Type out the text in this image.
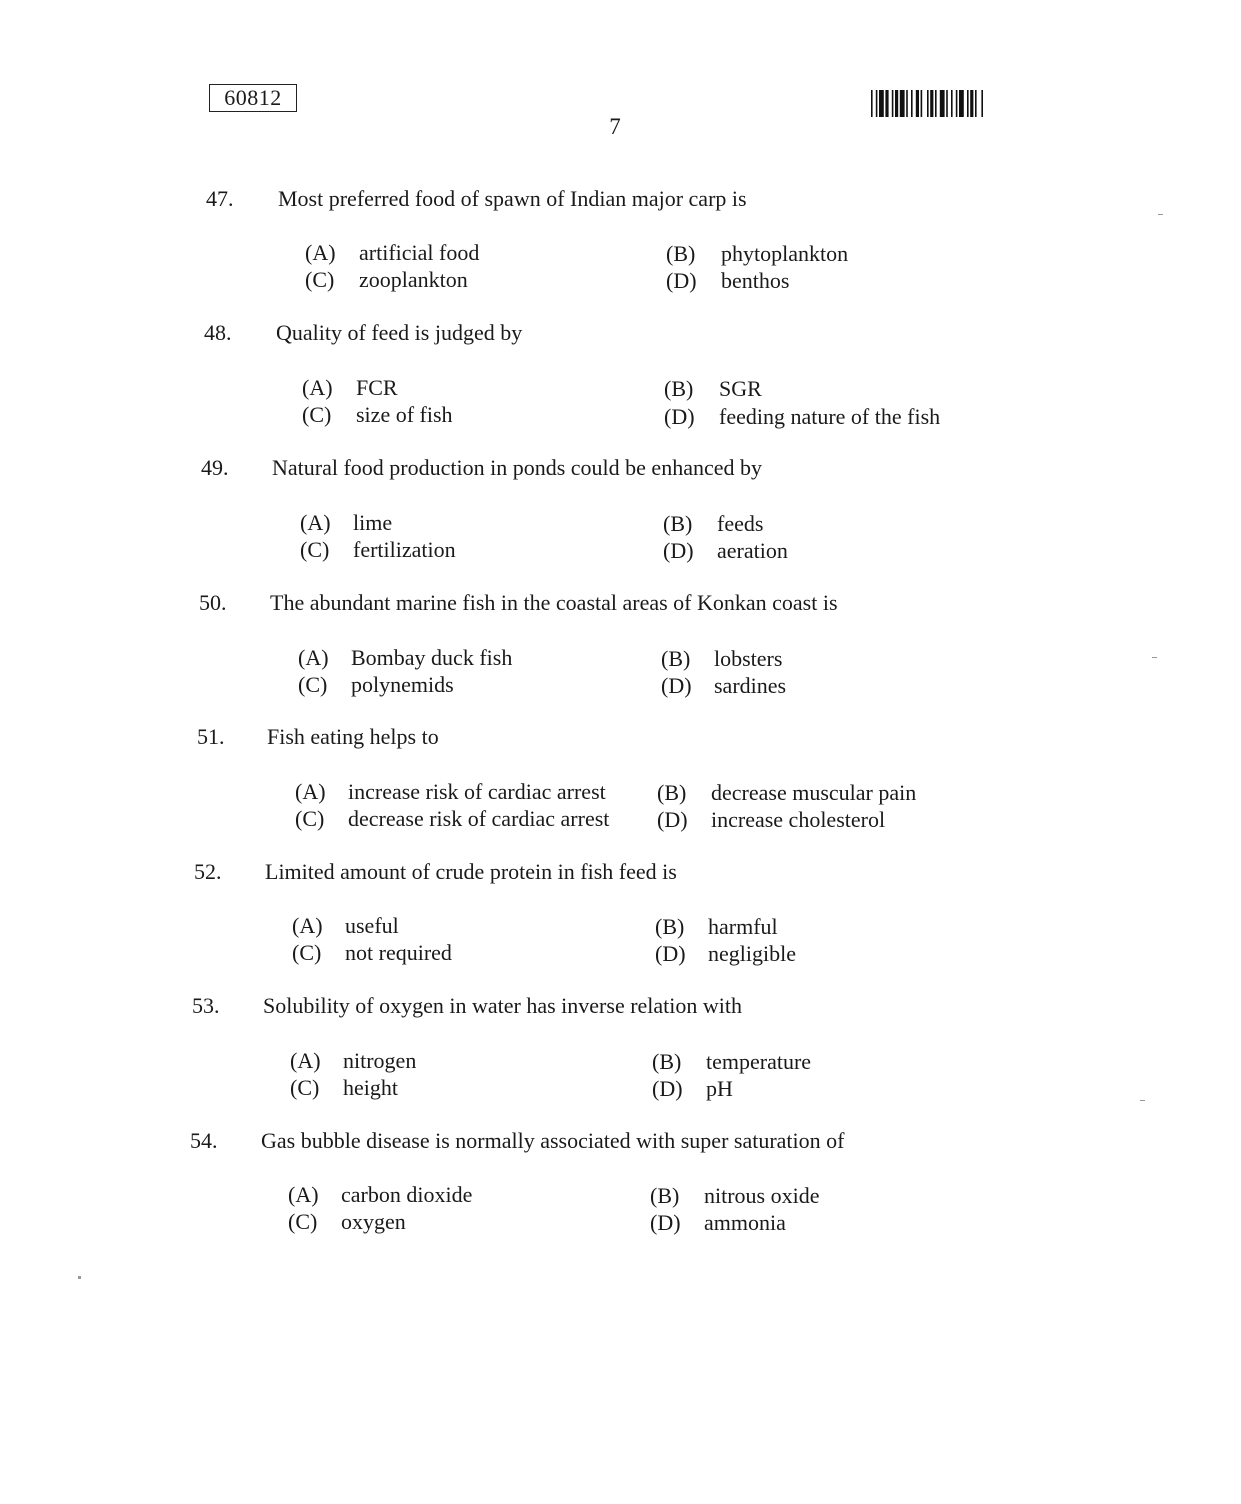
60812
7
47. Most preferred food of spawn of Indian major carp is
(A) artificial food	(B) phytoplankton
(C) zooplankton	(D) benthos
48. Quality of feed is judged by
(A) FCR	(B) SGR
(C) size of fish	(D) feeding nature of the fish
49. Natural food production in ponds could be enhanced by
(A) lime	(B) feeds
(C) fertilization	(D) aeration
50. The abundant marine fish in the coastal areas of Konkan coast is
(A) Bombay duck fish	(B) lobsters
(C) polynemids	(D) sardines
51. Fish eating helps to
(A) increase risk of cardiac arrest (B) decrease muscular pain
(C) decrease risk of cardiac arrest (D) increase cholesterol
52. Limited amount of crude protein in fish feed is
(A) useful	(B) harmful
(C) not required	(D) negligible
53. Solubility of oxygen in water has inverse relation with
(A) nitrogen	(B) temperature
(C) height	(D) pH
54. Gas bubble disease is normally associated with super saturation of
(A) carbon dioxide	(B) nitrous oxide
(C) oxygen	(D) ammonia
